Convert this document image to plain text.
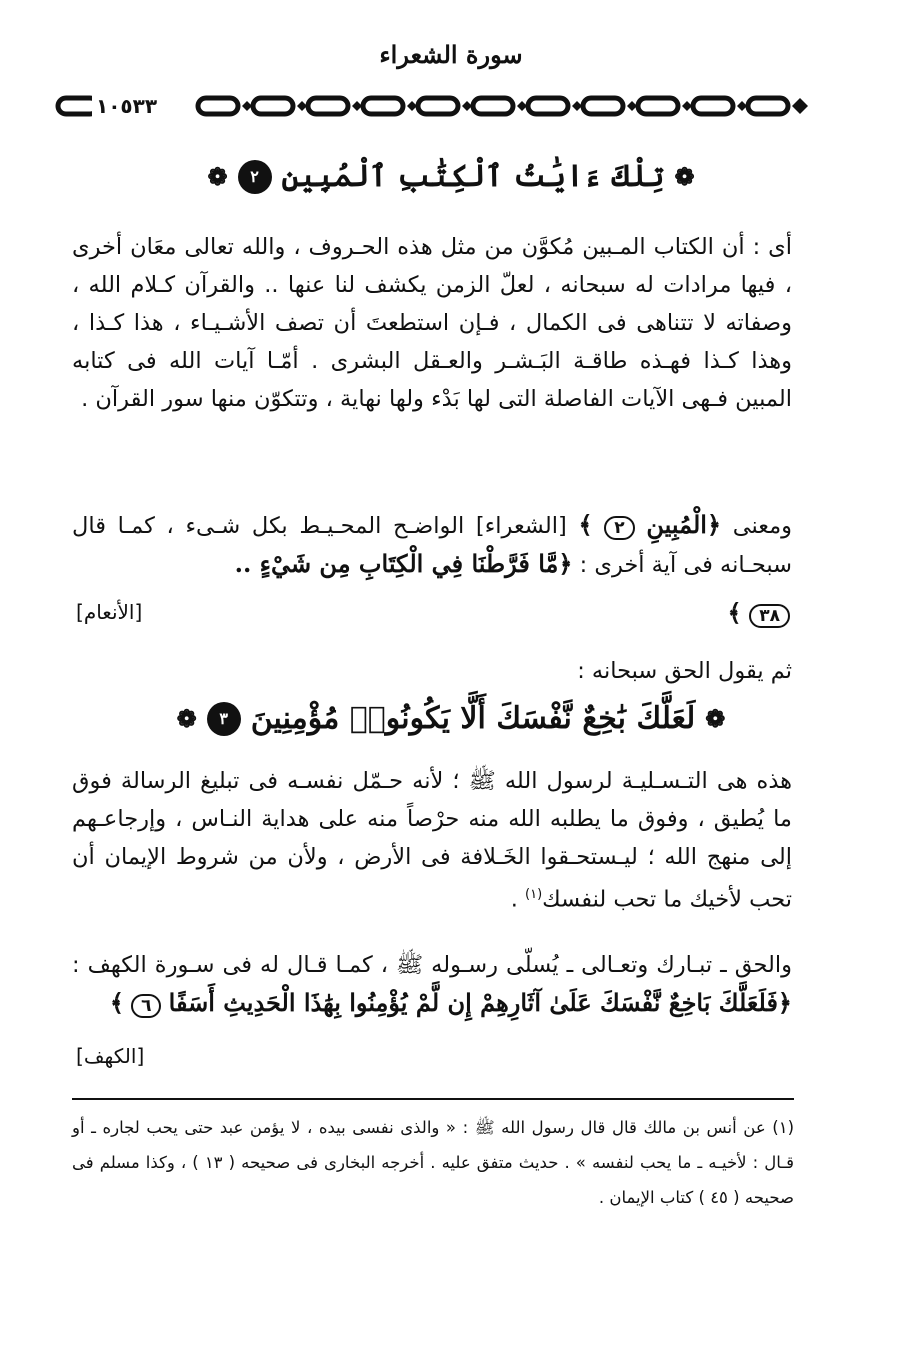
سورة الشعراء
١٠٥٣٣
❁
تِلْكَ ءَايَٰتُ ٱلْكِتَٰبِ ٱلْمُبِينِ
٢
❁
أى : أن الكتاب المـبين مُكوَّن من مثل هذه الحـروف ، والله تعالى معَان أخرى ، فيها مرادات له سبحانه ، لعلّ الزمن يكشف لنا عنها .. والقرآن كـلام الله ، وصفاته لا تتناهى فى الكمال ، فـإن استطعتَ أن تصف الأشـيـاء ، هذا كـذا ، وهذا كـذا فهـذه طاقـة البَـشـر والعـقل البشرى . أمّـا آيات الله فى كتابه المبين فـهى الآيات الفاصلة التى لها بَدْء ولها نهاية ، وتتكوّن منها سور القرآن .
ومعنى ﴿الْمُبِينِ ٢ ﴾ [الشعراء] الواضـح المحـيـط بكل شـىء ، كمـا قال سبحـانه فى آية أخرى : ﴿مَّا فَرَّطْنَا فِي الْكِتَابِ مِن شَيْءٍ ..
٣٨ ﴾
[الأنعام]
ثم يقول الحق سبحانه :
❁
لَعَلَّكَ بَٰخِعٌ نَّفْسَكَ أَلَّا يَكُونُوا۟ مُؤْمِنِينَ
٣
❁
هذه هى التـسـليـة لرسول الله ﷺ ؛ لأنه حـمّل نفسـه فى تبليغ الرسالة فوق ما يُطيق ، وفوق ما يطلبه الله منه حرْصاً منه على هداية النـاس ، وإرجاعـهم إلى منهج الله ؛ ليـستحـقوا الخَـلافة فى الأرض ، ولأن من شروط الإيمان أن تحب لأخيك ما تحب لنفسك$^{(١)}$ .
والحق ـ تبـارك وتعـالى ـ يُسلّى رسـوله ﷺ ، كمـا قـال له فى سـورة الكهف : ﴿فَلَعَلَّكَ بَاخِعٌ نَّفْسَكَ عَلَىٰ آثَارِهِمْ إِن لَّمْ يُؤْمِنُوا بِهَٰذَا الْحَدِيثِ أَسَفًا ٦ ﴾
[الكهف]
(١) عن أنس بن مالك قال قال رسول الله ﷺ : « والذى نفسى بيده ، لا يؤمن عبد حتى يحب لجاره ـ أو قـال : لأخيـه ـ ما يحب لنفسه » . حديث متفق عليه . أخرجه البخارى فى صحيحه ( ١٣ ) ، وكذا مسلم فى صحيحه ( ٤٥ ) كتاب الإيمان .
